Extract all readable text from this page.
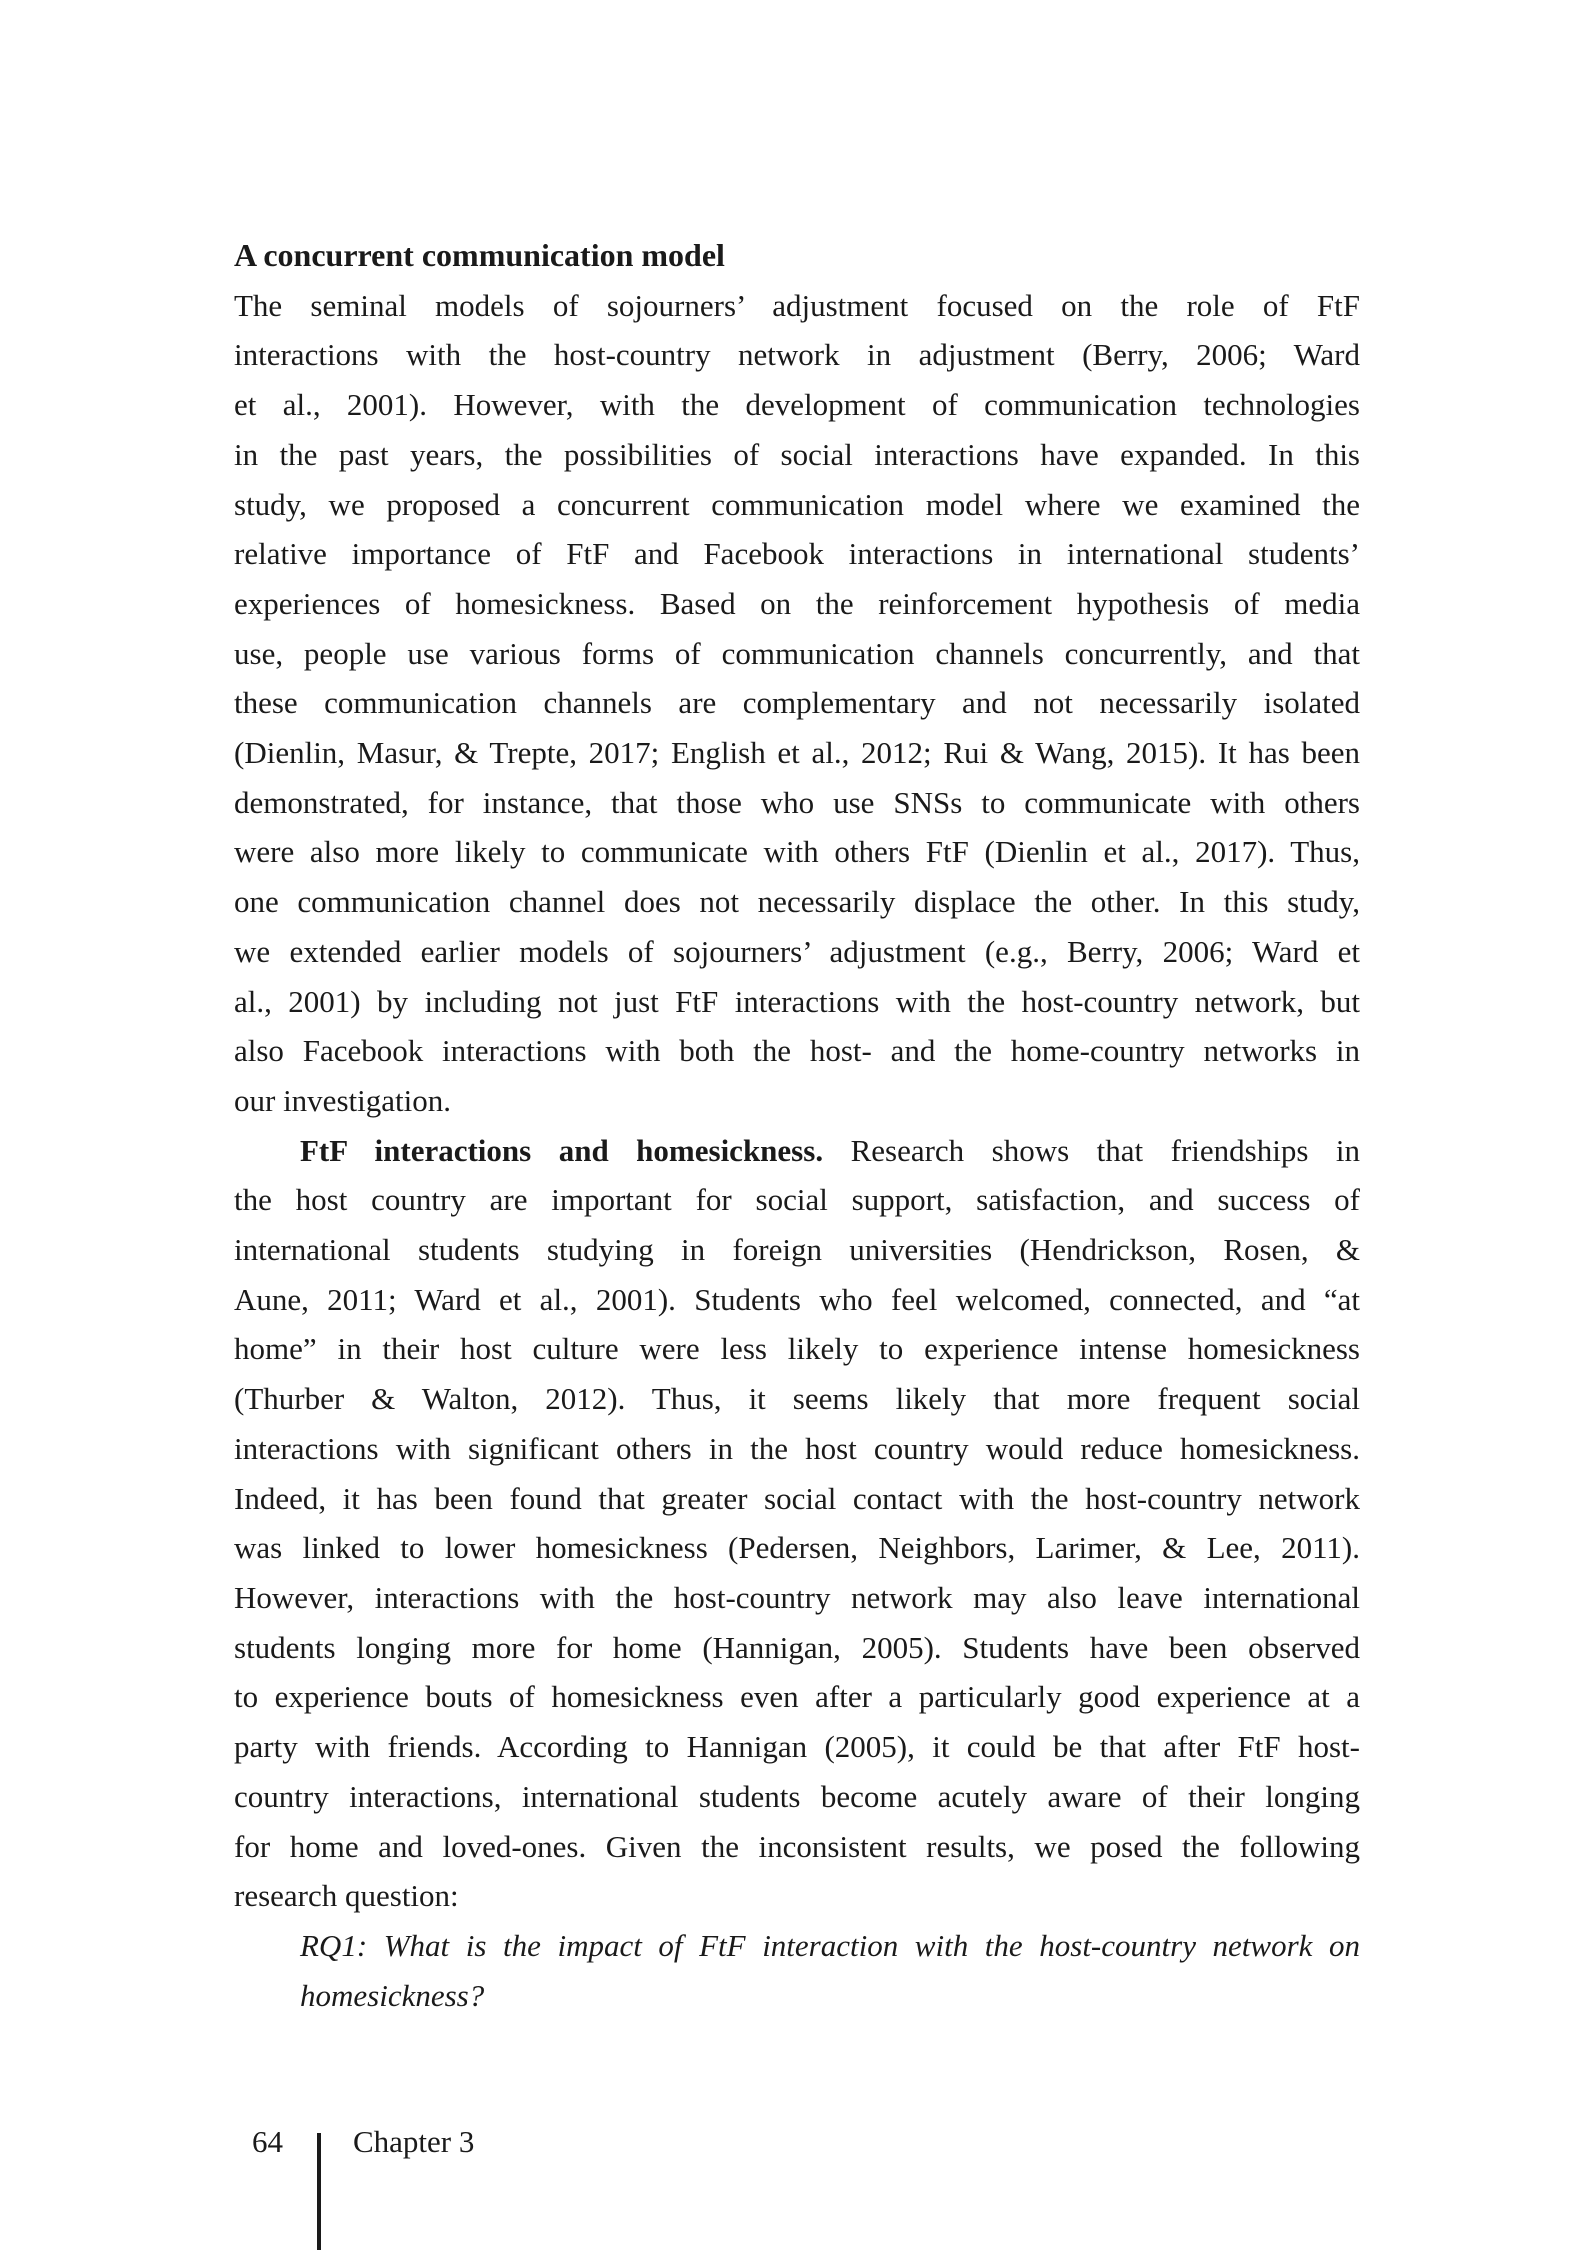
A concurrent communication model
The seminal models of sojourners’ adjustment focused on the role of FtF
interactions with the host-country network in adjustment (Berry, 2006; Ward
et al., 2001). However, with the development of communication technologies
in the past years, the possibilities of social interactions have expanded. In this
study, we proposed a concurrent communication model where we examined the
relative importance of FtF and Facebook interactions in international students’
experiences of homesickness. Based on the reinforcement hypothesis of media
use, people use various forms of communication channels concurrently, and that
these communication channels are complementary and not necessarily isolated
(Dienlin, Masur, & Trepte, 2017; English et al., 2012; Rui & Wang, 2015). It has been
demonstrated, for instance, that those who use SNSs to communicate with others
were also more likely to communicate with others FtF (Dienlin et al., 2017). Thus,
one communication channel does not necessarily displace the other. In this study,
we extended earlier models of sojourners’ adjustment (e.g., Berry, 2006; Ward et
al., 2001) by including not just FtF interactions with the host-country network, but
also Facebook interactions with both the host- and the home-country networks in
our investigation.
FtF interactions and homesickness. Research shows that friendships in
the host country are important for social support, satisfaction, and success of
international students studying in foreign universities (Hendrickson, Rosen, &
Aune, 2011; Ward et al., 2001). Students who feel welcomed, connected, and “at
home” in their host culture were less likely to experience intense homesickness
(Thurber & Walton, 2012). Thus, it seems likely that more frequent social
interactions with significant others in the host country would reduce homesickness.
Indeed, it has been found that greater social contact with the host-country network
was linked to lower homesickness (Pedersen, Neighbors, Larimer, & Lee, 2011).
However, interactions with the host-country network may also leave international
students longing more for home (Hannigan, 2005). Students have been observed
to experience bouts of homesickness even after a particularly good experience at a
party with friends. According to Hannigan (2005), it could be that after FtF host-
country interactions, international students become acutely aware of their longing
for home and loved-ones. Given the inconsistent results, we posed the following
research question:
RQ1: What is the impact of FtF interaction with the host-country network on
homesickness?
64 Chapter 3
